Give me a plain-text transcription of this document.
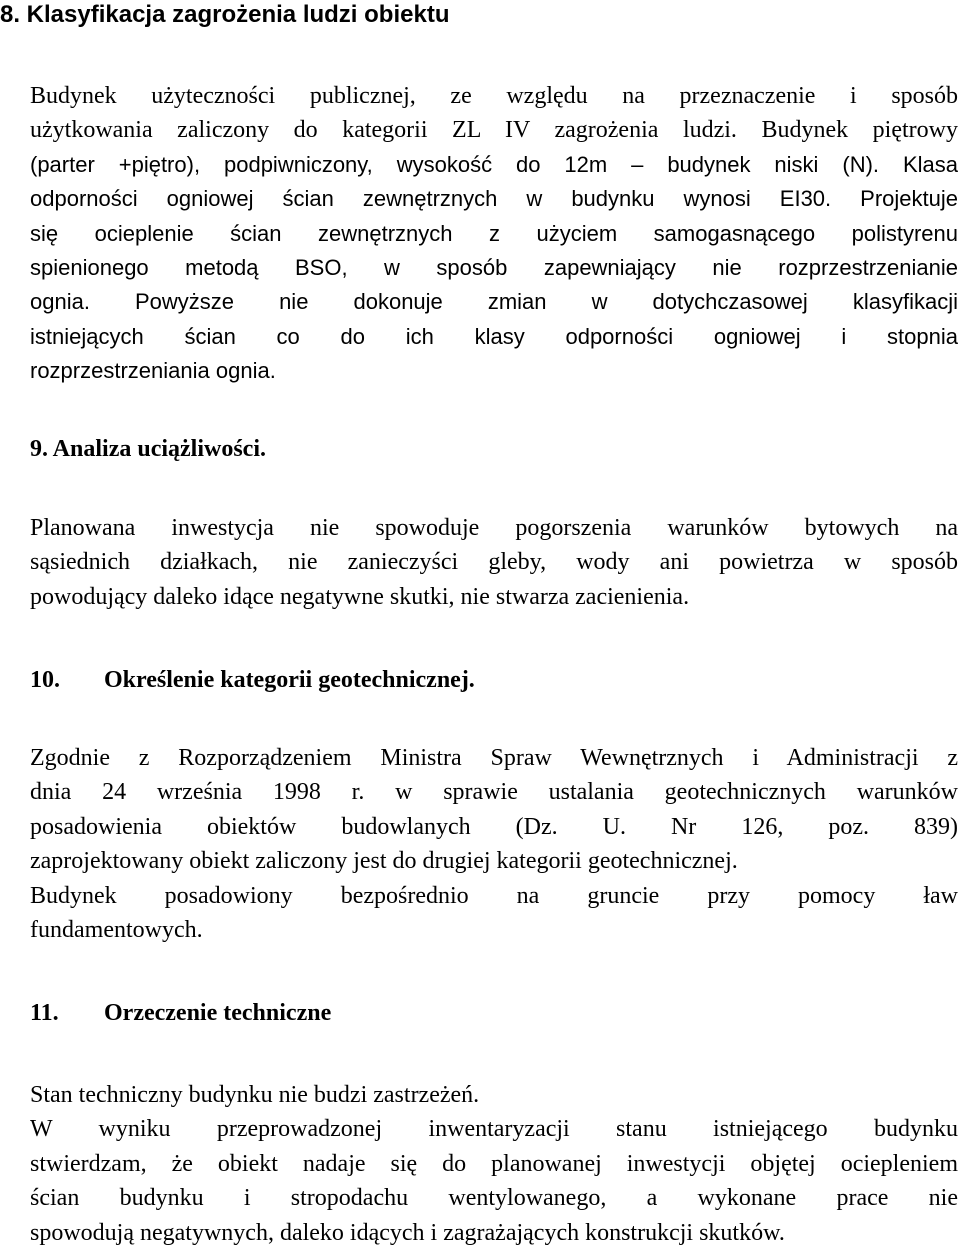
8. Klasyfikacja zagrożenia ludzi obiektu
Budynek użyteczności publicznej, ze względu na przeznaczenie i sposób
użytkowania zaliczony do kategorii ZL IV zagrożenia ludzi. Budynek piętrowy
(parter +piętro), podpiwniczony, wysokość do 12m – budynek niski (N). Klasa
odporności ogniowej ścian zewnętrznych w budynku wynosi EI30. Projektuje
się ocieplenie ścian zewnętrznych z użyciem samogasnącego polistyrenu
spienionego metodą BSO, w sposób zapewniający nie rozprzestrzenianie
ognia. Powyższe nie dokonuje zmian w dotychczasowej klasyfikacji
istniejących ścian co do ich klasy odporności ogniowej i stopnia
rozprzestrzeniania ognia.
9. Analiza uciążliwości.
Planowana inwestycja nie spowoduje pogorszenia warunków bytowych na
sąsiednich działkach, nie zanieczyści gleby, wody ani powietrza w sposób
powodujący daleko idące negatywne skutki, nie stwarza zacienienia.
10. Określenie kategorii geotechnicznej.
Zgodnie z Rozporządzeniem Ministra Spraw Wewnętrznych i Administracji z
dnia 24 września 1998 r. w sprawie ustalania geotechnicznych warunków
posadowienia obiektów budowlanych (Dz. U. Nr 126, poz. 839)
zaprojektowany obiekt zaliczony jest do drugiej kategorii geotechnicznej.
Budynek posadowiony bezpośrednio na gruncie przy pomocy ław
fundamentowych.
11. Orzeczenie techniczne
Stan techniczny budynku nie budzi zastrzeżeń.
W wyniku przeprowadzonej inwentaryzacji stanu istniejącego budynku
stwierdzam, że obiekt nadaje się do planowanej inwestycji objętej ociepleniem
ścian budynku i stropodachu wentylowanego, a wykonane prace nie
spowodują negatywnych, daleko idących i zagrażających konstrukcji skutków.
